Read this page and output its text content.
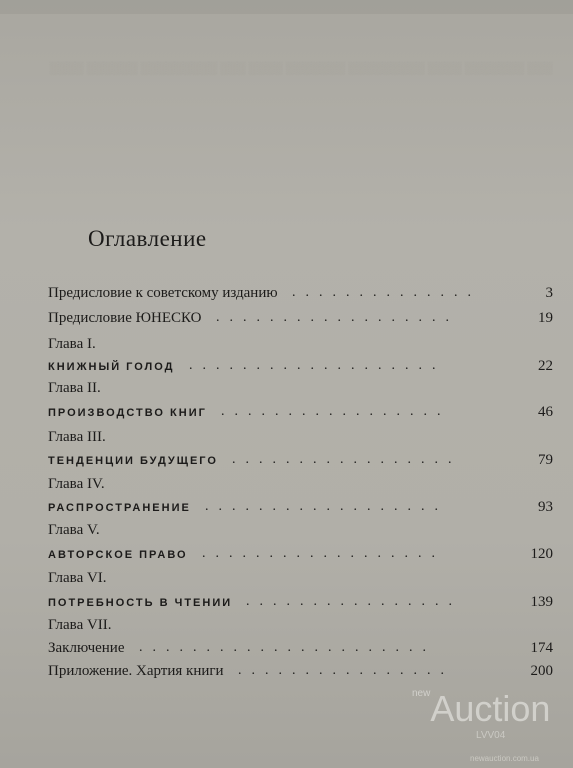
░░░ ░░░░░░░ ░░░░ ░░░░░░░░░ ░░░░░░░ ░░░░ ░░░ ░░░░░░░░░ ░░░░░░ ░░░░
Оглавление
Предисловие к советскому изданию ..............	3
Предисловие ЮНЕСКО ..................	19
Глава I.
КНИЖНЫЙ ГОЛОД ...................	22
Глава II.
ПРОИЗВОДСТВО КНИГ .................	46
Глава III.
ТЕНДЕНЦИИ БУДУЩЕГО .................	79
Глава IV.
РАСПРОСТРАНЕНИЕ ..................	93
Глава V.
АВТОРСКОЕ ПРАВО ..................	120
Глава VI.
ПОТРЕБНОСТЬ В ЧТЕНИИ ................	139
Глава VII.
Заключение ......................	174
Приложение. Хартия книги ................	200
$^{new}$Auction
LVV04
newauction.com.ua
